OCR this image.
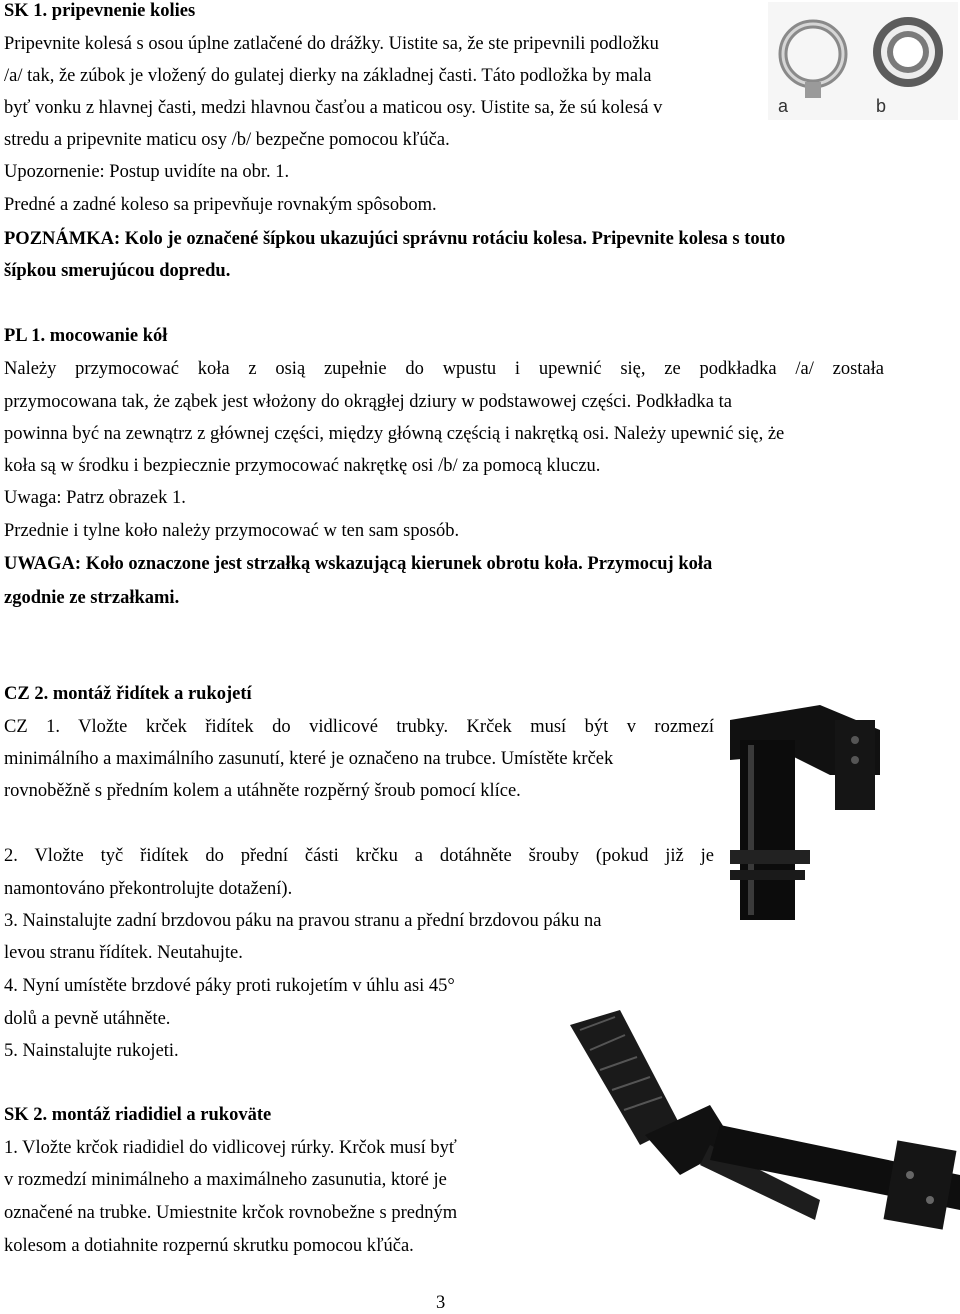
SK 1. pripevnenie kolies
Pripevnite kolesá s osou úplne zatlačené do drážky. Uistite sa, že ste pripevnili podložku
/a/ tak, že zúbok je vložený do gulatej dierky na základnej časti. Táto podložka by mala
byť vonku z hlavnej časti, medzi hlavnou časťou a maticou osy. Uistite sa, že sú kolesá v
stredu a pripevnite maticu osy /b/ bezpečne pomocou kľúča.
Upozornenie: Postup uvidíte na obr. 1.
Predné a zadné koleso sa pripevňuje rovnakým spôsobom.
POZNÁMKA: Kolo je označené šípkou ukazujúci správnu rotáciu kolesa. Pripevnite kolesa s touto
šípkou smerujúcou dopredu.
a	b
PL 1. mocowanie kół
Należy przymocować koła z osią zupełnie do wpustu i upewnić się, ze podkładka /a/ została
przymocowana tak, że ząbek jest włożony do okrągłej dziury w podstawowej części. Podkładka ta
powinna być na zewnątrz z głównej części, między główną częścią i nakrętką osi. Należy upewnić się, że
koła są w środku i bezpiecznie przymocować nakrętkę osi /b/ za pomocą kluczu.
Uwaga: Patrz obrazek 1.
Przednie i tylne koło należy przymocować w ten sam sposób.
UWAGA: Koło oznaczone jest strzałką wskazującą kierunek obrotu koła. Przymocuj koła
zgodnie ze strzałkami.
CZ 2. montáž řidítek a rukojetí
CZ 1. Vložte krček řidítek do vidlicové trubky. Krček musí být v rozmezí
minimálního a maximálního zasunutí, které je označeno na trubce. Umístěte krček
rovnoběžně s předním kolem a utáhněte rozpěrný šroub pomocí klíce.
2. Vložte tyč řidítek do přední části krčku a dotáhněte šrouby (pokud již je
namontováno překontrolujte dotažení).
3. Nainstalujte zadní brzdovou páku na pravou stranu a přední brzdovou páku na
levou stranu řídítek. Neutahujte.
4. Nyní umístěte brzdové páky proti rukojetím v úhlu asi 45°
dolů a pevně utáhněte.
5. Nainstalujte rukojeti.
SK 2. montáž riadidiel a rukoväte
1. Vložte krčok riadidiel do vidlicovej rúrky. Krčok musí byť
v rozmedzí minimálneho a maximálneho zasunutia, ktoré je
označené na trubke. Umiestnite krčok rovnobežne s predným
kolesom a dotiahnite rozpernú skrutku pomocou kľúča.
3
